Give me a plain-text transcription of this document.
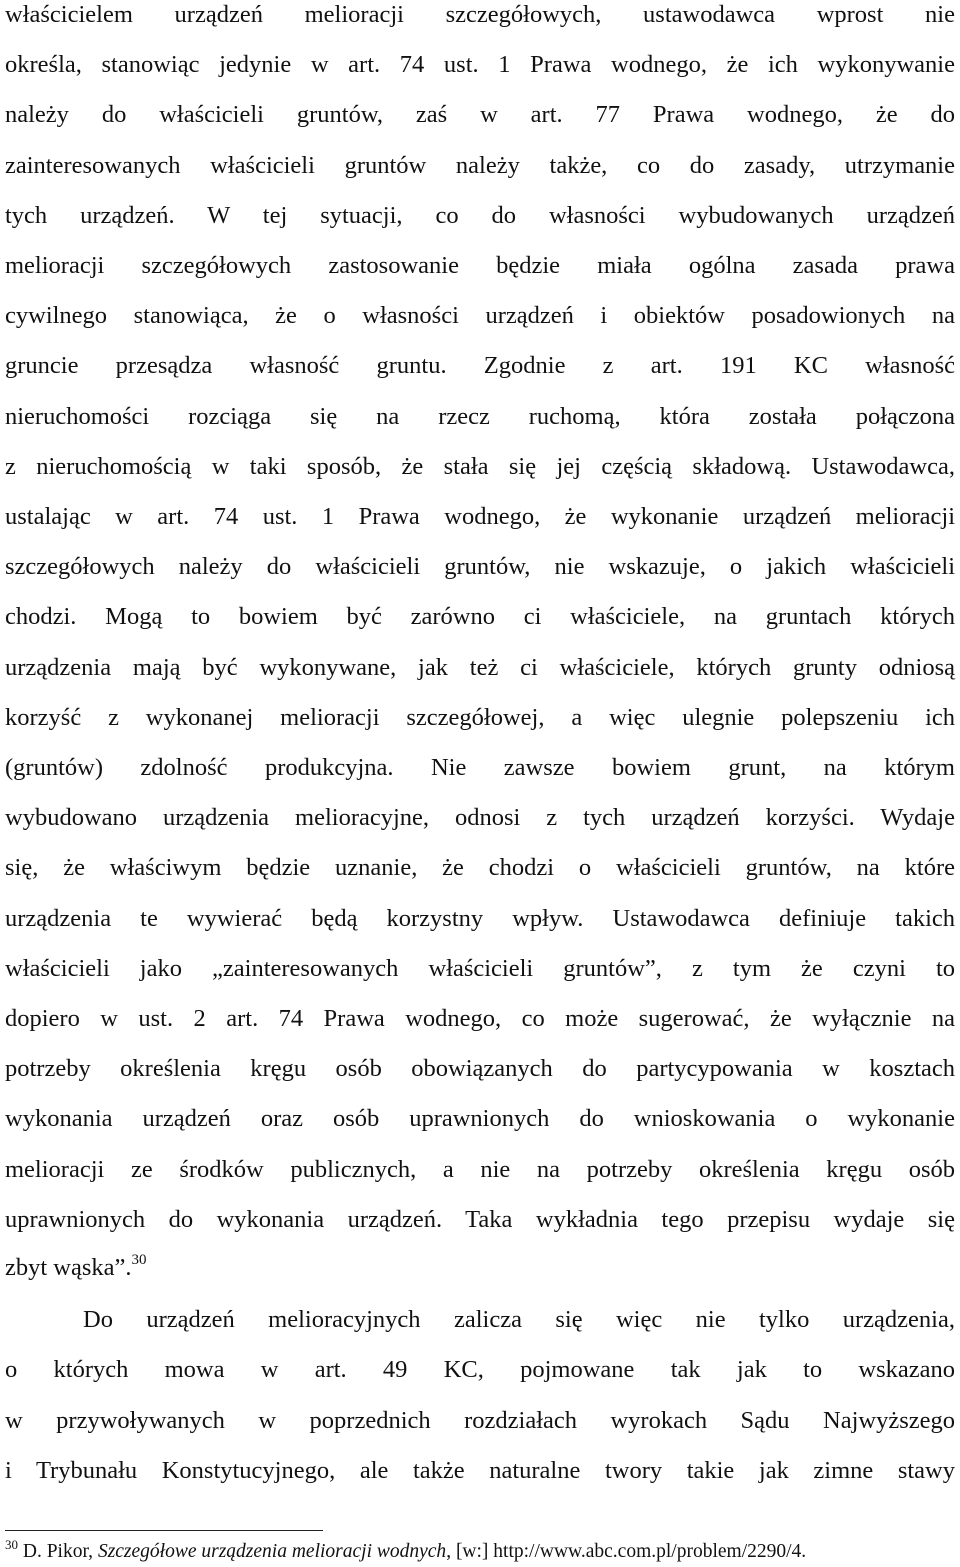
właścicielem urządzeń melioracji szczegółowych, ustawodawca wprost nie
określa, stanowiąc jedynie w art. 74 ust. 1 Prawa wodnego, że ich wykonywanie
należy do właścicieli gruntów, zaś w art. 77 Prawa wodnego, że do
zainteresowanych właścicieli gruntów należy także, co do zasady, utrzymanie
tych urządzeń. W tej sytuacji, co do własności wybudowanych urządzeń
melioracji szczegółowych zastosowanie będzie miała ogólna zasada prawa
cywilnego stanowiąca, że o własności urządzeń i obiektów posadowionych na
gruncie przesądza własność gruntu. Zgodnie z art. 191 KC własność
nieruchomości rozciąga się na rzecz ruchomą, która została połączona
z nieruchomością w taki sposób, że stała się jej częścią składową. Ustawodawca,
ustalając w art. 74 ust. 1 Prawa wodnego, że wykonanie urządzeń melioracji
szczegółowych należy do właścicieli gruntów, nie wskazuje, o jakich właścicieli
chodzi. Mogą to bowiem być zarówno ci właściciele, na gruntach których
urządzenia mają być wykonywane, jak też ci właściciele, których grunty odniosą
korzyść z wykonanej melioracji szczegółowej, a więc ulegnie polepszeniu ich
(gruntów) zdolność produkcyjna. Nie zawsze bowiem grunt, na którym
wybudowano urządzenia melioracyjne, odnosi z tych urządzeń korzyści. Wydaje
się, że właściwym będzie uznanie, że chodzi o właścicieli gruntów, na które
urządzenia te wywierać będą korzystny wpływ. Ustawodawca definiuje takich
właścicieli jako „zainteresowanych właścicieli gruntów”, z tym że czyni to
dopiero w ust. 2 art. 74 Prawa wodnego, co może sugerować, że wyłącznie na
potrzeby określenia kręgu osób obowiązanych do partycypowania w kosztach
wykonania urządzeń oraz osób uprawnionych do wnioskowania o wykonanie
melioracji ze środków publicznych, a nie na potrzeby określenia kręgu osób
uprawnionych do wykonania urządzeń. Taka wykładnia tego przepisu wydaje się
zbyt wąska”.$^{30}$
Do urządzeń melioracyjnych zalicza się więc nie tylko urządzenia,
o których mowa w art. 49 KC, pojmowane tak jak to wskazano
w przywoływanych w poprzednich rozdziałach wyrokach Sądu Najwyższego
i Trybunału Konstytucyjnego, ale także naturalne twory takie jak zimne stawy
$^{30}$ D. Pikor, Szczegółowe urządzenia melioracji wodnych, [w:] http://www.abc.com.pl/problem/2290/4.
